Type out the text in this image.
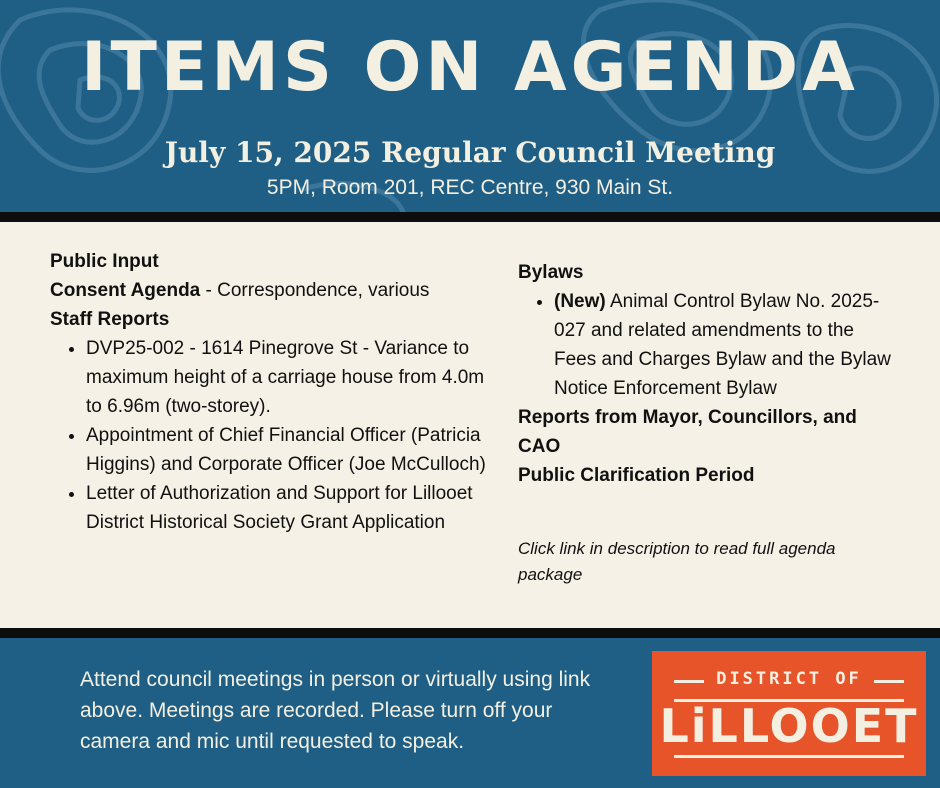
ITEMS ON AGENDA
July 15, 2025 Regular Council Meeting
5PM, Room 201, REC Centre, 930 Main St.
Public Input
Consent Agenda - Correspondence, various
Staff Reports
• DVP25-002 - 1614 Pinegrove St - Variance to maximum height of a carriage house from 4.0m to 6.96m (two-storey).
• Appointment of Chief Financial Officer (Patricia Higgins) and Corporate Officer (Joe McCulloch)
• Letter of Authorization and Support for Lillooet District Historical Society Grant Application
Bylaws
• (New) Animal Control Bylaw No. 2025-027 and related amendments to the Fees and Charges Bylaw and the Bylaw Notice Enforcement Bylaw
Reports from Mayor, Councillors, and CAO
Public Clarification Period
Click link in description to read full agenda package
Attend council meetings in person or virtually using link above. Meetings are recorded. Please turn off your camera and mic until requested to speak.
DISTRICT OF
LiLLOOET
